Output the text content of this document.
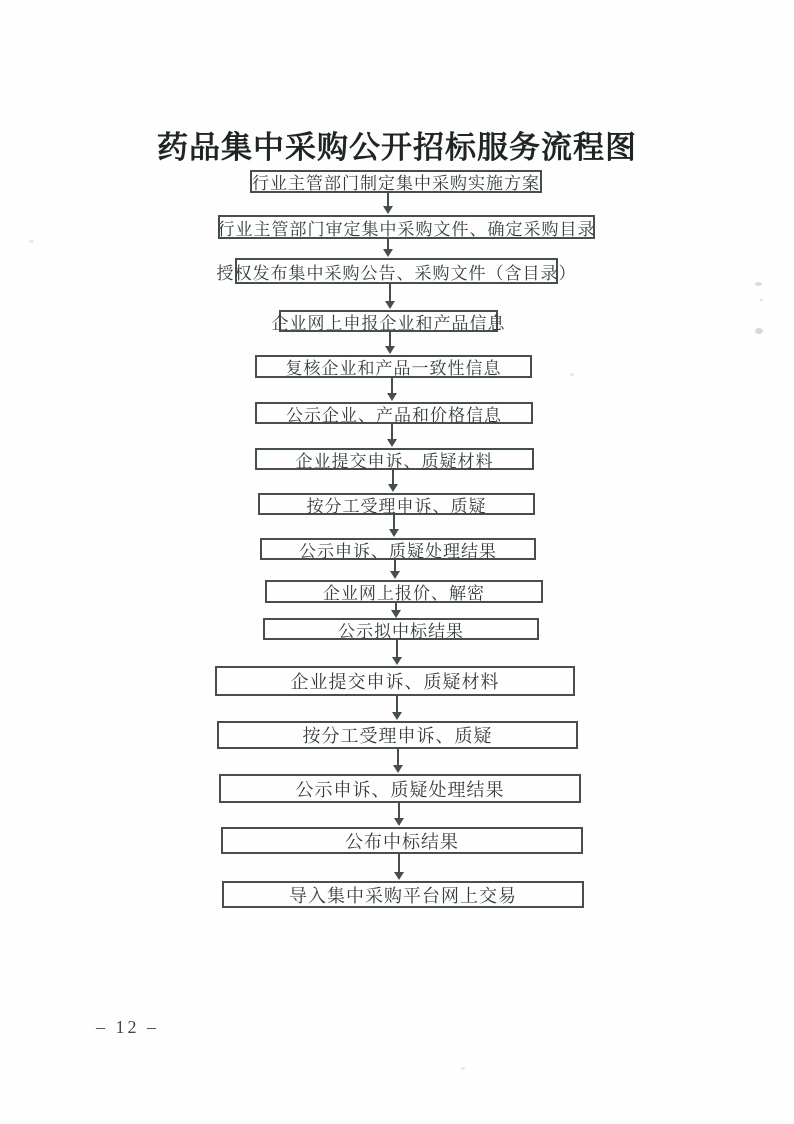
药品集中采购公开招标服务流程图
行业主管部门制定集中采购实施方案
行业主管部门审定集中采购文件、确定采购目录
授权发布集中采购公告、采购文件（含目录）
企业网上申报企业和产品信息
复核企业和产品一致性信息
公示企业、产品和价格信息
企业提交申诉、质疑材料
按分工受理申诉、质疑
公示申诉、质疑处理结果
企业网上报价、解密
公示拟中标结果
企业提交申诉、质疑材料
按分工受理申诉、质疑
公示申诉、质疑处理结果
公布中标结果
导入集中采购平台网上交易
– 12 –
